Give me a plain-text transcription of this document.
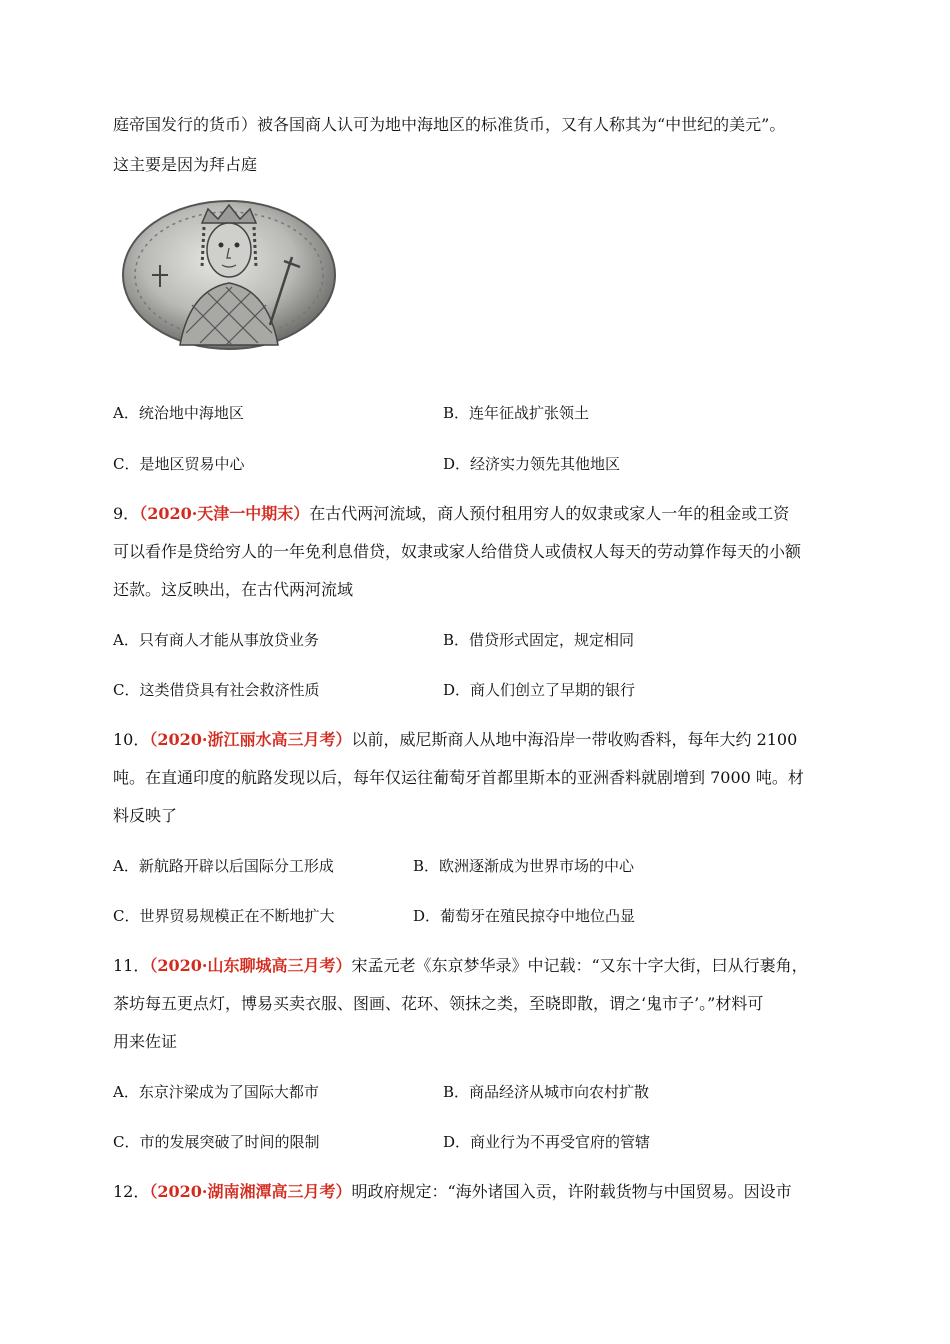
庭帝国发行的货币）被各国商人认可为地中海地区的标准货币，又有人称其为“中世纪的美元”。
这主要是因为拜占庭
A．统治地中海地区	B．连年征战扩张领土
C．是地区贸易中心	D．经济实力领先其他地区
9．（2020·天津一中期末）在古代两河流域，商人预付租用穷人的奴隶或家人一年的租金或工资
可以看作是贷给穷人的一年免利息借贷，奴隶或家人给借贷人或债权人每天的劳动算作每天的小额
还款。这反映出，在古代两河流域
A．只有商人才能从事放贷业务	B．借贷形式固定，规定相同
C．这类借贷具有社会救济性质	D．商人们创立了早期的银行
10．（2020·浙江丽水高三月考）以前，威尼斯商人从地中海沿岸一带收购香料，每年大约 2100
吨。在直通印度的航路发现以后，每年仅运往葡萄牙首都里斯本的亚洲香料就剧增到 7000 吨。材
料反映了
A．新航路开辟以后国际分工形成	B．欧洲逐渐成为世界市场的中心
C．世界贸易规模正在不断地扩大	D．葡萄牙在殖民掠夺中地位凸显
11．（2020·山东聊城高三月考）宋孟元老《东京梦华录》中记载：“又东十字大街，曰从行裹角，
茶坊每五更点灯，博易买卖衣服、图画、花环、领抹之类，至晓即散，谓之‘鬼市子’。”材料可
用来佐证
A．东京汴梁成为了国际大都市	B．商品经济从城市向农村扩散
C．市的发展突破了时间的限制	D．商业行为不再受官府的管辖
12．（2020·湖南湘潭高三月考）明政府规定：“海外诸国入贡，许附载货物与中国贸易。因设市
